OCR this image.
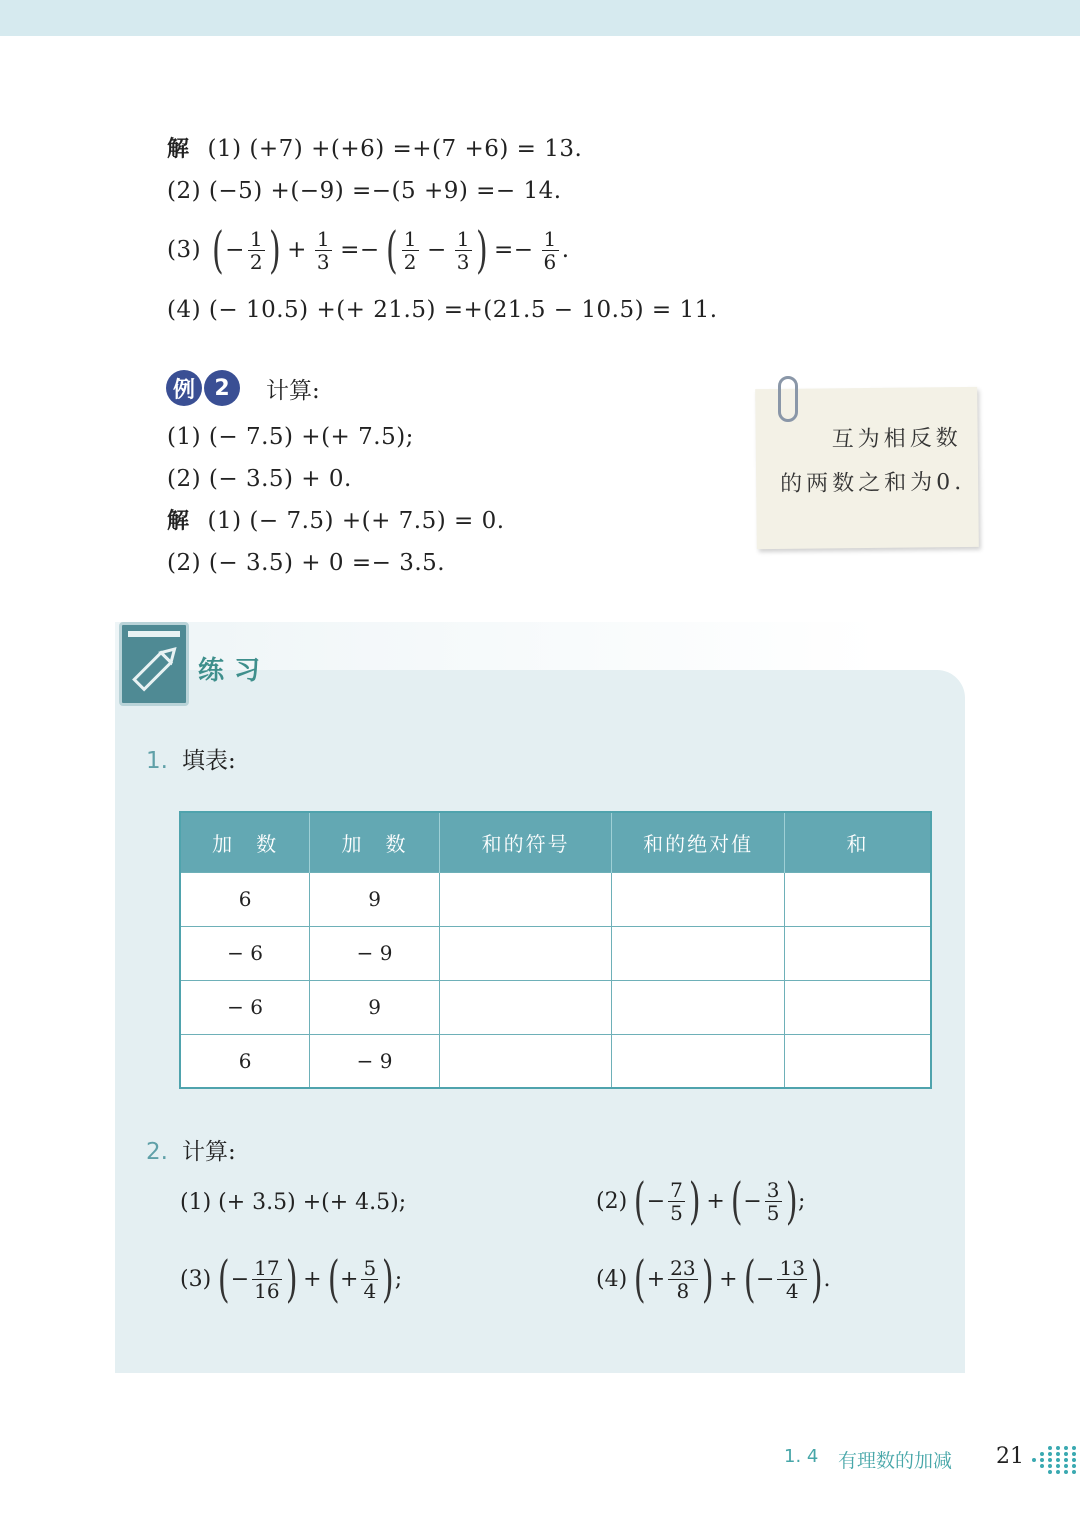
解 (1) (+7) +(+6) =+(7 +6) = 13.
(2) (−5) +(−9) =−(5 +9) =− 14.
(3) ( − $\frac{1}{2}$ ) + $\frac{1}{3}$ =− ( $\frac{1}{2} - \frac{1}{3}$ ) =− $\frac{1}{6}$ .
(4) (− 10.5) +(+ 21.5) =+(21.5 − 10.5) = 11.
例 2	计算:
(1) (− 7.5) +(+ 7.5);
(2) (− 3.5) + 0.
解 (1) (− 7.5) +(+ 7.5) = 0.
(2) (− 3.5) + 0 =− 3.5.
互为相反数
的两数之和为0.
练习
1. 填表:
加　数	加　数	和的符号	和的绝对值	和
6	9			
− 6	− 9			
− 6	9			
6	− 9			
2. 计算:
(1) (+ 3.5) +(+ 4.5);	(2) ( − $\frac{7}{5}$ ) + ( − $\frac{3}{5}$ ) ;
(3) ( − $\frac{17}{16}$ ) + ( + $\frac{5}{4}$ ) ;	(4) ( + $\frac{23}{8}$ ) + ( − $\frac{13}{4}$ ) .
1. 4 有理数的加减 21
